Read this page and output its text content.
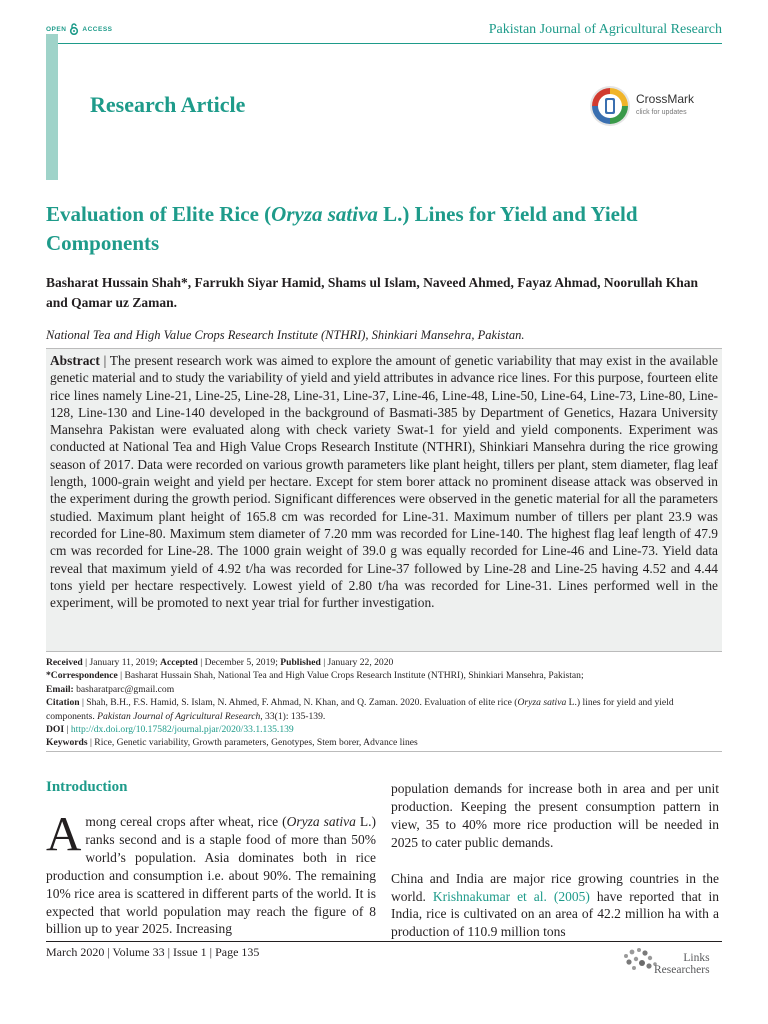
OPEN ACCESS	Pakistan Journal of Agricultural Research
Research Article	CrossMark
click for updates
Evaluation of Elite Rice (Oryza sativa L.) Lines for Yield and Yield Components

Basharat Hussain Shah*, Farrukh Siyar Hamid, Shams ul Islam, Naveed Ahmed, Fayaz Ahmad, Noorullah Khan and Qamar uz Zaman.

National Tea and High Value Crops Research Institute (NTHRI), Shinkiari Mansehra, Pakistan.

Abstract | The present research work was aimed to explore the amount of genetic variability that may exist in the available genetic material and to study the variability of yield and yield attributes in advance rice lines. For this purpose, fourteen elite rice lines namely Line-21, Line-25, Line-28, Line-31, Line-37, Line-46, Line-48, Line-50, Line-64, Line-73, Line-80, Line-128, Line-130 and Line-140 developed in the background of Basmati-385 by Department of Genetics, Hazara University Mansehra Pakistan were evaluated along with check variety Swat-1 for yield and yield components. Experiment was conducted at National Tea and High Value Crops Research Institute (NTHRI), Shinkiari Mansehra during the rice growing season of 2017. Data were recorded on various growth parameters like plant height, tillers per plant, stem diameter, flag leaf length, 1000-grain weight and yield per hectare. Except for stem borer attack no prominent disease attack was observed in the experiment during the growth period. Significant differences were observed in the genetic material for all the parameters studied. Maximum plant height of 165.8 cm was recorded for Line-31. Maximum number of tillers per plant 23.9 was recorded for Line-80. Maximum stem diameter of 7.20 mm was recorded for Line-140. The highest flag leaf length of 47.9 cm was recorded for Line-28. The 1000 grain weight of 39.0 g was equally recorded for Line-46 and Line-73. Yield data reveal that maximum yield of 4.92 t/ha was recorded for Line-37 followed by Line-28 and Line-25 having 4.52 and 4.44 tons yield per hectare respectively. Lowest yield of 2.80 t/ha was recorded for Line-31. Lines performed well in the experiment, will be promoted to next year trial for further investigation.
Received | January 11, 2019; Accepted | December 5, 2019; Published | January 22, 2020
*Correspondence | Basharat Hussain Shah, National Tea and High Value Crops Research Institute (NTHRI), Shinkiari Mansehra, Pakistan;
Email: basharatparc@gmail.com
Citation | Shah, B.H., F.S. Hamid, S. Islam, N. Ahmed, F. Ahmad, N. Khan, and Q. Zaman. 2020. Evaluation of elite rice (Oryza sativa L.) lines for yield and yield components. Pakistan Journal of Agricultural Research, 33(1): 135-139.
DOI | http://dx.doi.org/10.17582/journal.pjar/2020/33.1.135.139
Keywords | Rice, Genetic variability, Growth parameters, Genotypes, Stem borer, Advance lines
Introduction

Among cereal crops after wheat, rice (Oryza sativa L.) ranks second and is a staple food of more than 50% world’s population. Asia dominates both in rice production and consumption i.e. about 90%. The remaining 10% rice area is scattered in different parts of the world. It is expected that world population may reach the figure of 8 billion up to year 2025. Increasing

population demands for increase both in area and per unit production. Keeping the present consumption pattern in view, 35 to 40% more rice production will be needed in 2025 to cater public demands.

China and India are major rice growing countries in the world. Krishnakumar et al. (2005) have reported that in India, rice is cultivated on an area of 42.2 million ha with a production of 110.9 million tons

March 2020 | Volume 33 | Issue 1 | Page 135	Links
Researchers
